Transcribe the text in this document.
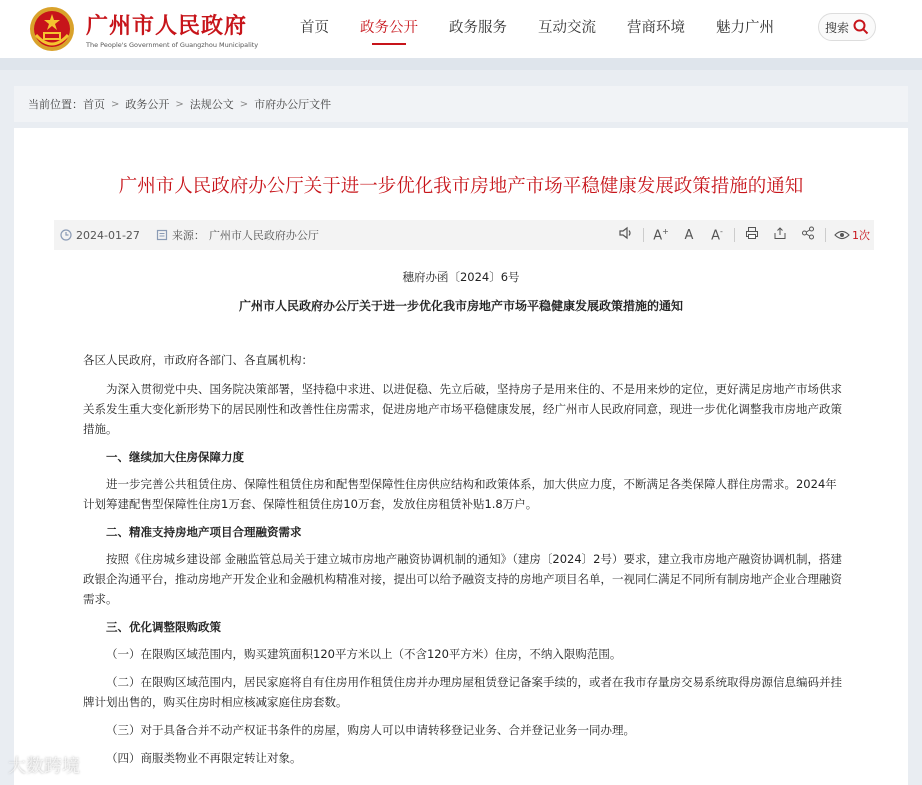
广州市人民政府
The People's Government of Guangzhou Municipality
首页 政务公开 政务服务 互动交流 营商环境 魅力广州	搜索
当前位置： 首页 > 政务公开 > 法规公文 > 市府办公厅文件
广州市人民政府办公厅关于进一步优化我市房地产市场平稳健康发展政策措施的通知
2024-01-27	来源： 广州市人民政府办公厅	A+	A	A-	1次
穗府办函〔2024〕6号
广州市人民政府办公厅关于进一步优化我市房地产市场平稳健康发展政策措施的通知
各区人民政府，市政府各部门、各直属机构：
为深入贯彻党中央、国务院决策部署，坚持稳中求进、以进促稳、先立后破，坚持房子是用来住的、不是用来炒的定位，更好满足房地产市场供求关系发生重大变化新形势下的居民刚性和改善性住房需求，促进房地产市场平稳健康发展，经广州市人民政府同意，现进一步优化调整我市房地产政策措施。
一、继续加大住房保障力度
进一步完善公共租赁住房、保障性租赁住房和配售型保障性住房供应结构和政策体系，加大供应力度，不断满足各类保障人群住房需求。2024年计划筹建配售型保障性住房1万套、保障性租赁住房10万套，发放住房租赁补贴1.8万户。
二、精准支持房地产项目合理融资需求
按照《住房城乡建设部 金融监管总局关于建立城市房地产融资协调机制的通知》（建房〔2024〕2号）要求，建立我市房地产融资协调机制，搭建政银企沟通平台，推动房地产开发企业和金融机构精准对接，提出可以给予融资支持的房地产项目名单，一视同仁满足不同所有制房地产企业合理融资需求。
三、优化调整限购政策
（一）在限购区域范围内，购买建筑面积120平方米以上（不含120平方米）住房，不纳入限购范围。
（二）在限购区域范围内，居民家庭将自有住房用作租赁住房并办理房屋租赁登记备案手续的，或者在我市存量房交易系统取得房源信息编码并挂牌计划出售的，购买住房时相应核减家庭住房套数。
（三）对于具备合并不动产权证书条件的房屋，购房人可以申请转移登记业务、合并登记业务一同办理。
（四）商服类物业不再限定转让对象。
大数跨境
